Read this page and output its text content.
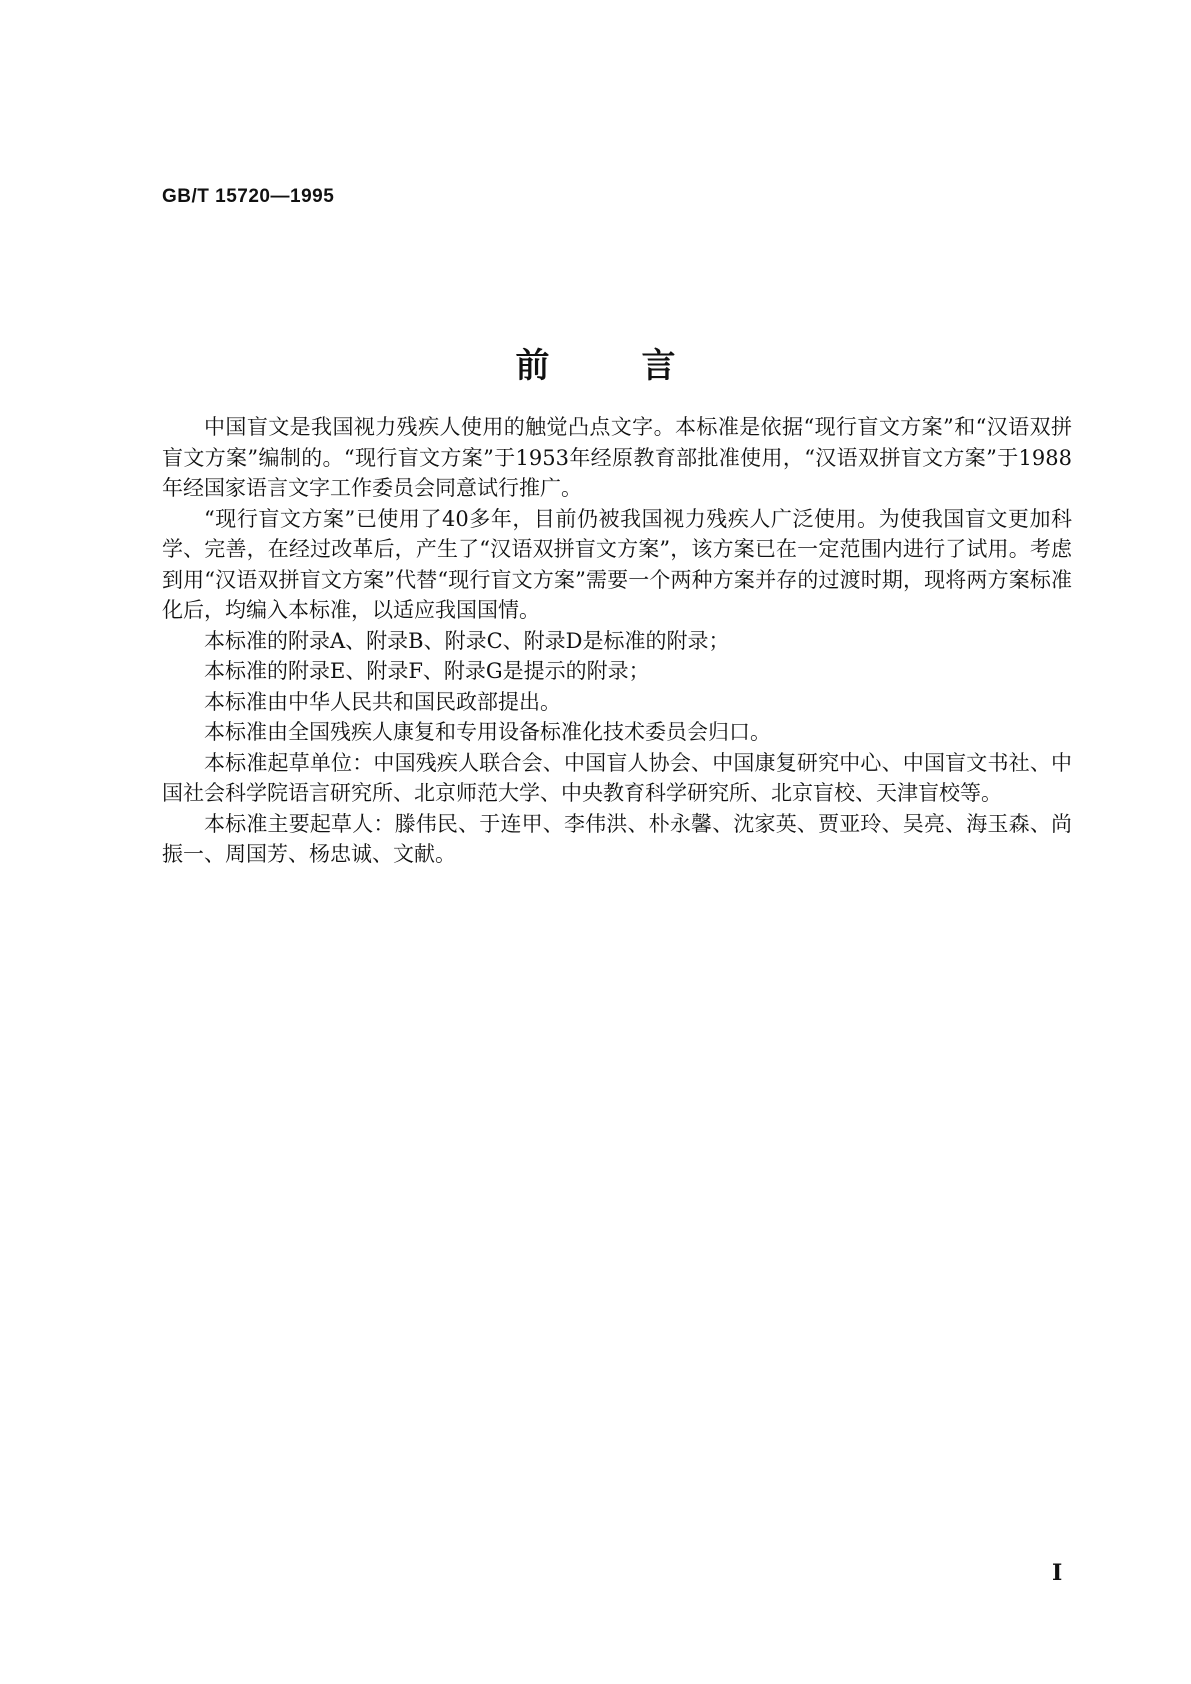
GB/T 15720—1995
前言

中国盲文是我国视力残疾人使用的触觉凸点文字。本标准是依据“现行盲文方案”和“汉语双拼盲文方案”编制的。“现行盲文方案”于1953年经原教育部批准使用，“汉语双拼盲文方案”于1988年经国家语言文字工作委员会同意试行推广。

“现行盲文方案”已使用了40多年，目前仍被我国视力残疾人广泛使用。为使我国盲文更加科学、完善，在经过改革后，产生了“汉语双拼盲文方案”，该方案已在一定范围内进行了试用。考虑到用“汉语双拼盲文方案”代替“现行盲文方案”需要一个两种方案并存的过渡时期，现将两方案标准化后，均编入本标准，以适应我国国情。

本标准的附录A、附录B、附录C、附录D是标准的附录；

本标准的附录E、附录F、附录G是提示的附录；

本标准由中华人民共和国民政部提出。

本标准由全国残疾人康复和专用设备标准化技术委员会归口。

本标准起草单位：中国残疾人联合会、中国盲人协会、中国康复研究中心、中国盲文书社、中国社会科学院语言研究所、北京师范大学、中央教育科学研究所、北京盲校、天津盲校等。

本标准主要起草人：滕伟民、于连甲、李伟洪、朴永馨、沈家英、贾亚玲、吴亮、海玉森、尚振一、周国芳、杨忠诚、文献。

I
